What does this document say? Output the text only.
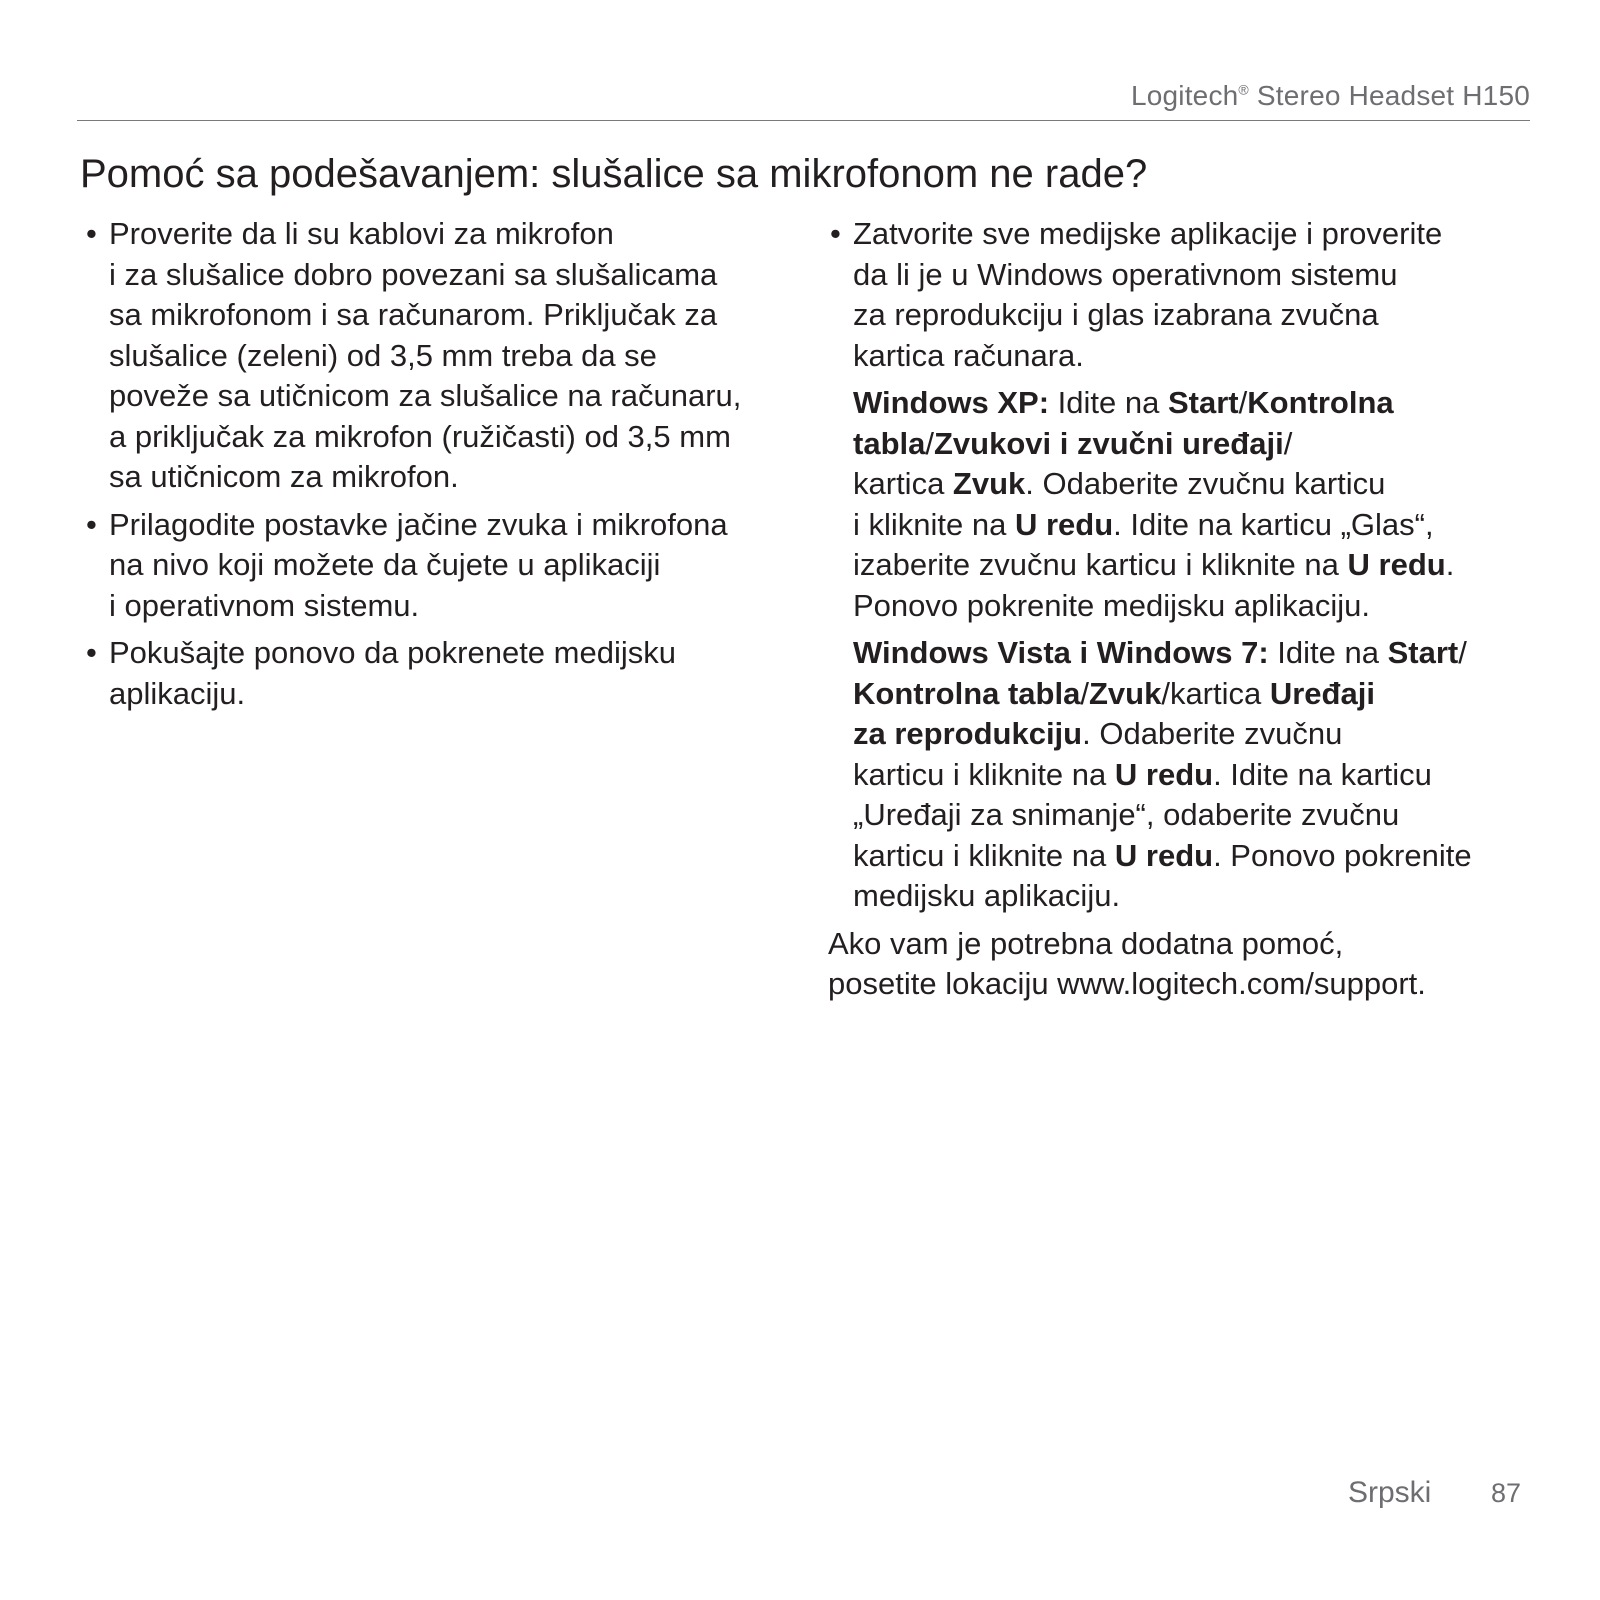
Logitech® Stereo Headset H150
Pomoć sa podešavanjem: slušalice sa mikrofonom ne rade?
• Proverite da li su kablovi za mikrofon
i za slušalice dobro povezani sa slušalicama
sa mikrofonom i sa računarom. Priključak za
slušalice (zeleni) od 3,5 mm treba da se
poveže sa utičnicom za slušalice na računaru,
a priključak za mikrofon (ružičasti) od 3,5 mm
sa utičnicom za mikrofon.
• Prilagodite postavke jačine zvuka i mikrofona
na nivo koji možete da čujete u aplikaciji
i operativnom sistemu.
• Pokušajte ponovo da pokrenete medijsku
aplikaciju.
• Zatvorite sve medijske aplikacije i proverite
da li je u Windows operativnom sistemu
za reprodukciju i glas izabrana zvučna
kartica računara.
Windows XP: Idite na Start/Kontrolna
tabla/Zvukovi i zvučni uređaji/
kartica Zvuk. Odaberite zvučnu karticu
i kliknite na U redu. Idite na karticu „Glas“,
izaberite zvučnu karticu i kliknite na U redu.
Ponovo pokrenite medijsku aplikaciju.
Windows Vista i Windows 7: Idite na Start/
Kontrolna tabla/Zvuk/kartica Uređaji
za reprodukciju. Odaberite zvučnu
karticu i kliknite na U redu. Idite na karticu
„Uređaji za snimanje“, odaberite zvučnu
karticu i kliknite na U redu. Ponovo pokrenite
medijsku aplikaciju.
Ako vam je potrebna dodatna pomoć,
posetite lokaciju www.logitech.com/support.
Srpski 87
